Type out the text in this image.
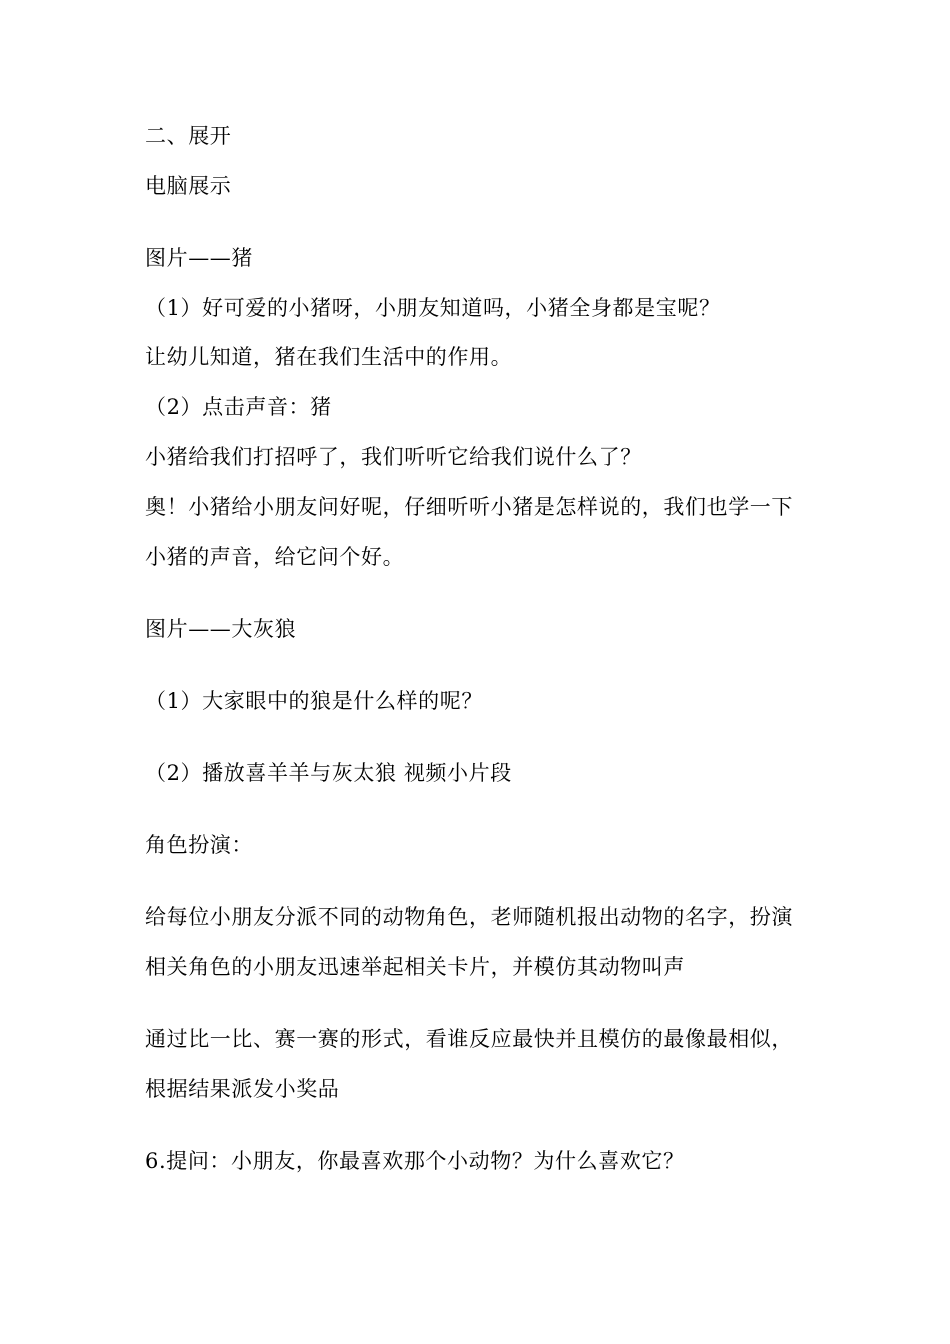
二、展开
电脑展示
图片——猪
（1）好可爱的小猪呀，小朋友知道吗，小猪全身都是宝呢？
让幼儿知道，猪在我们生活中的作用。
（2）点击声音：猪
小猪给我们打招呼了，我们听听它给我们说什么了？
奥！小猪给小朋友问好呢，仔细听听小猪是怎样说的，我们也学一下
小猪的声音，给它问个好。
图片——大灰狼
（1）大家眼中的狼是什么样的呢？
（2）播放喜羊羊与灰太狼 视频小片段
角色扮演：
给每位小朋友分派不同的动物角色，老师随机报出动物的名字，扮演
相关角色的小朋友迅速举起相关卡片，并模仿其动物叫声
通过比一比、赛一赛的形式，看谁反应最快并且模仿的最像最相似，
根据结果派发小奖品
6.提问：小朋友，你最喜欢那个小动物？为什么喜欢它？
